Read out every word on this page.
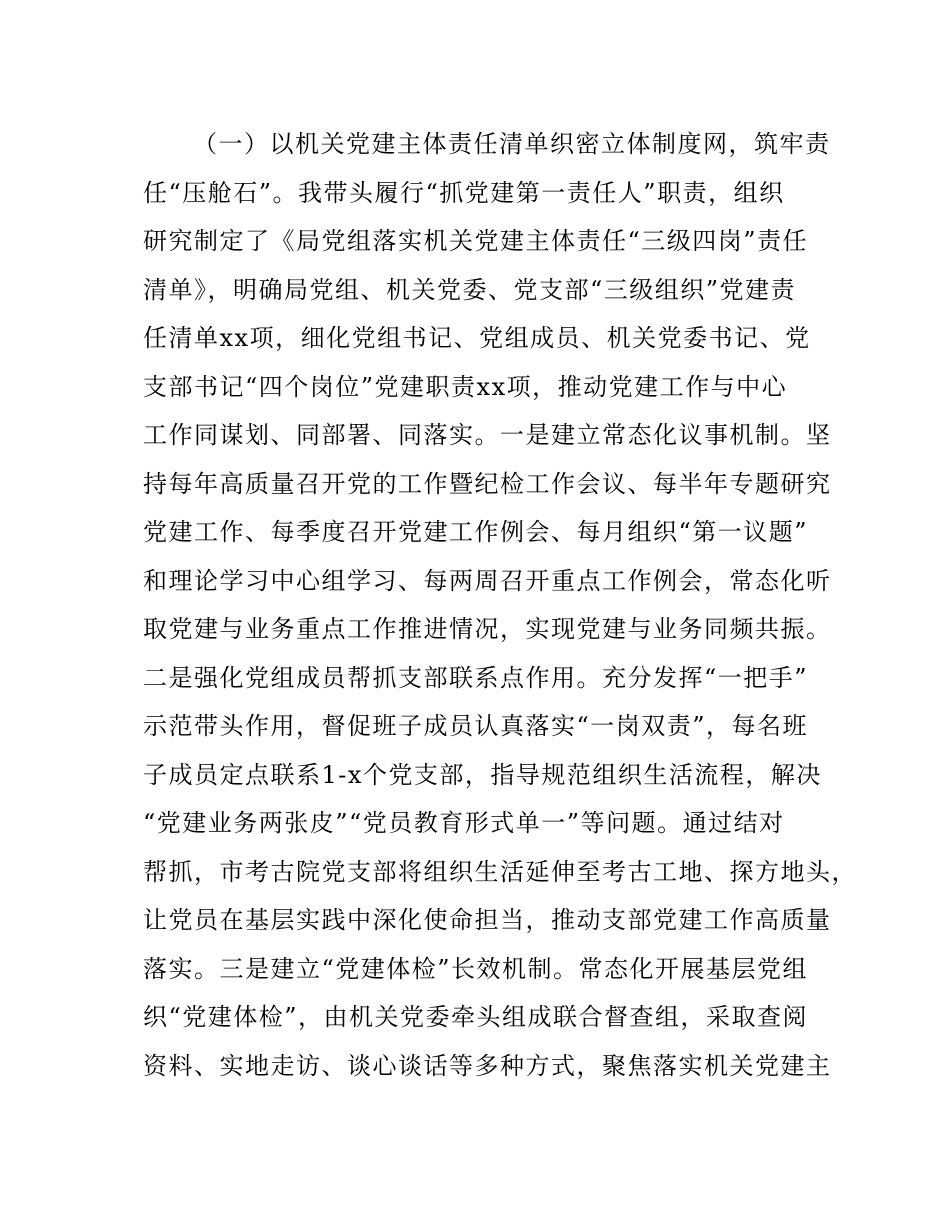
（一）以机关党建主体责任清单织密立体制度网，筑牢责
任“压舱石”。我带头履行“抓党建第一责任人”职责，组织
研究制定了《局党组落实机关党建主体责任“三级四岗”责任
清单》，明确局党组、机关党委、党支部“三级组织”党建责
任清单xx项，细化党组书记、党组成员、机关党委书记、党
支部书记“四个岗位”党建职责xx项，推动党建工作与中心
工作同谋划、同部署、同落实。一是建立常态化议事机制。坚
持每年高质量召开党的工作暨纪检工作会议、每半年专题研究
党建工作、每季度召开党建工作例会、每月组织“第一议题”
和理论学习中心组学习、每两周召开重点工作例会，常态化听
取党建与业务重点工作推进情况，实现党建与业务同频共振。
二是强化党组成员帮抓支部联系点作用。充分发挥“一把手”
示范带头作用，督促班子成员认真落实“一岗双责”，每名班
子成员定点联系1-x个党支部，指导规范组织生活流程，解决
“党建业务两张皮”“党员教育形式单一”等问题。通过结对
帮抓，市考古院党支部将组织生活延伸至考古工地、探方地头，
让党员在基层实践中深化使命担当，推动支部党建工作高质量
落实。三是建立“党建体检”长效机制。常态化开展基层党组
织“党建体检”，由机关党委牵头组成联合督查组，采取查阅
资料、实地走访、谈心谈话等多种方式，聚焦落实机关党建主
